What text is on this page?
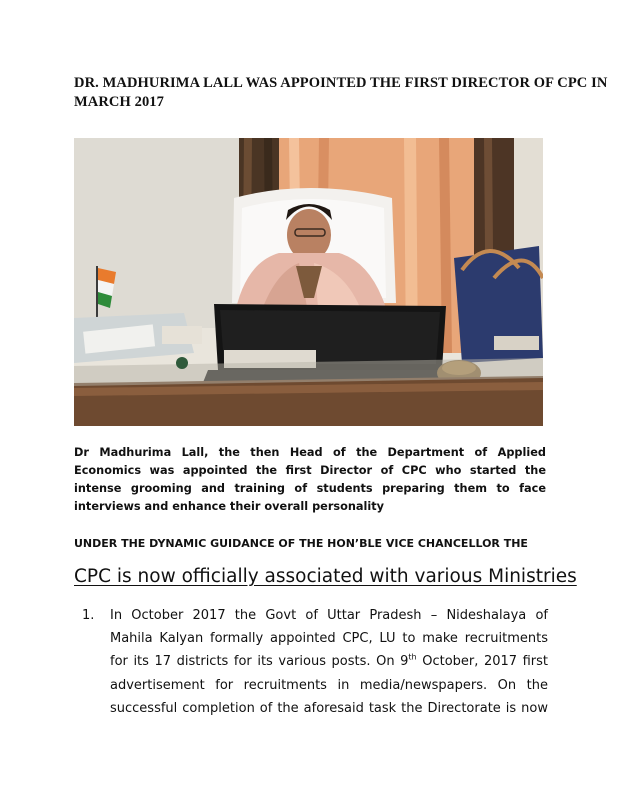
DR. MADHURIMA LALL WAS APPOINTED THE FIRST DIRECTOR OF CPC IN
MARCH 2017
Dr Madhurima Lall, the then Head of the Department of Applied Economics was appointed the first Director of CPC who started the intense grooming and training of students preparing them to face interviews and enhance their overall personality
UNDER THE DYNAMIC GUIDANCE OF THE HON’BLE VICE CHANCELLOR THE
CPC is now officially associated with various Ministries
1. In October 2017 the Govt of Uttar Pradesh – Nideshalaya of
Mahila Kalyan formally appointed CPC, LU to make recruitments
for its 17 districts for its various posts. On 9th October, 2017 first
advertisement for recruitments in media/newspapers. On the
successful completion of the aforesaid task the Directorate is now
